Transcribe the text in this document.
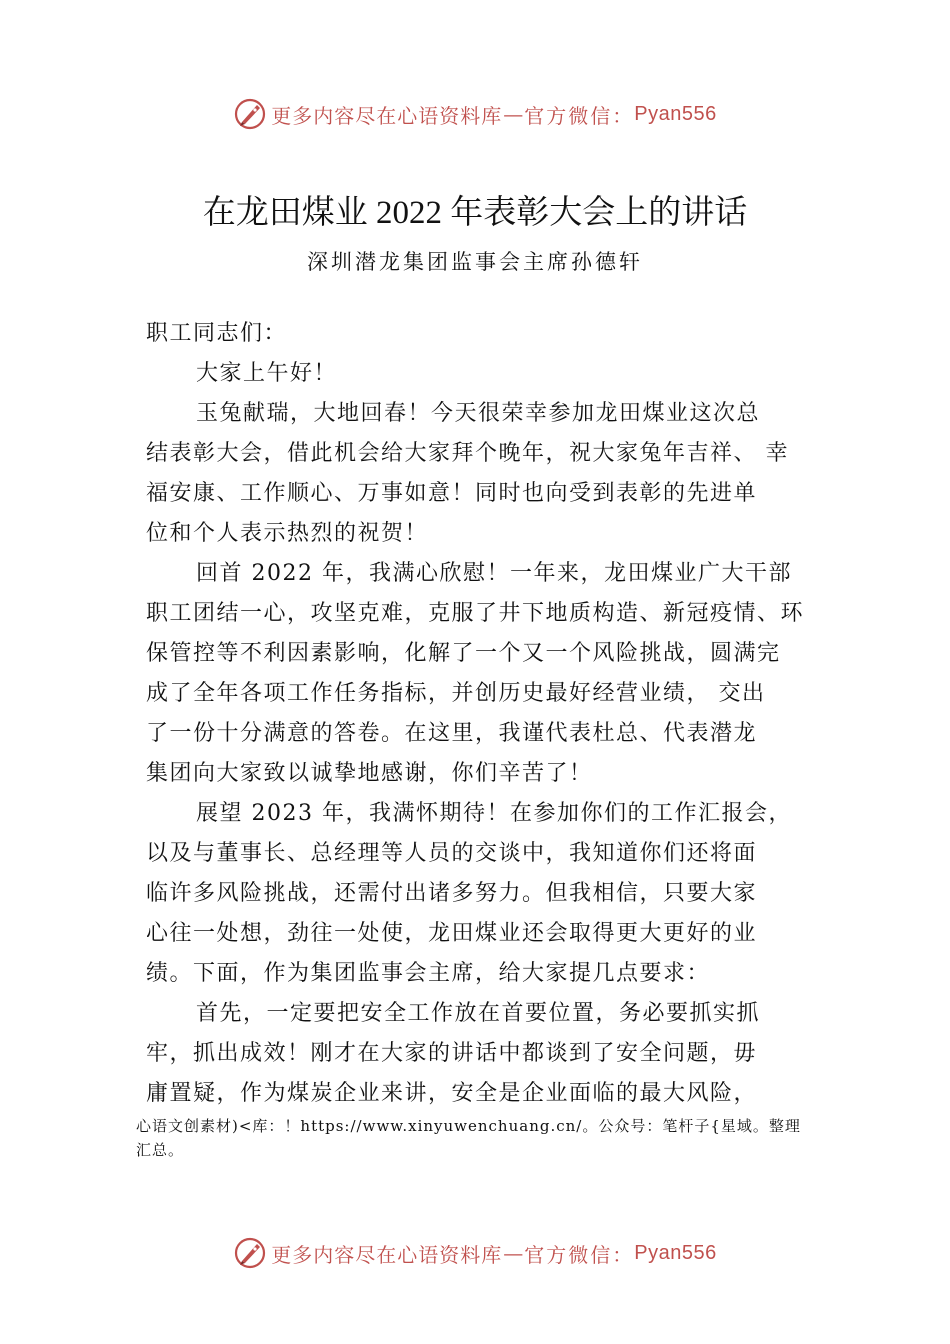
更多内容尽在心语资料库 — 官方微信： Pyan556
在龙田煤业 2022 年表彰大会上的讲话
深圳潜龙集团监事会主席孙德轩
职工同志们：
大家上午好！
玉兔献瑞，大地回春！今天很荣幸参加龙田煤业这次总
结表彰大会，借此机会给大家拜个晚年，祝大家兔年吉祥、 幸
福安康、工作顺心、万事如意！同时也向受到表彰的先进单
位和个人表示热烈的祝贺！
回首 2022 年，我满心欣慰！一年来，龙田煤业广大干部
职工团结一心，攻坚克难，克服了井下地质构造、新冠疫情、环
保管控等不利因素影响，化解了一个又一个风险挑战，圆满完
成了全年各项工作任务指标，并创历史最好经营业绩， 交出
了一份十分满意的答卷。在这里，我谨代表杜总、代表潜龙
集团向大家致以诚挚地感谢，你们辛苦了！
展望 2023 年，我满怀期待！在参加你们的工作汇报会，
以及与董事长、总经理等人员的交谈中，我知道你们还将面
临许多风险挑战，还需付出诸多努力。但我相信，只要大家
心往一处想，劲往一处使，龙田煤业还会取得更大更好的业
绩。下面，作为集团监事会主席，给大家提几点要求：
首先，一定要把安全工作放在首要位置，务必要抓实抓
牢，抓出成效！刚才在大家的讲话中都谈到了安全问题，毋
庸置疑，作为煤炭企业来讲，安全是企业面临的最大风险，
心语文创素材)<库：！https://www.xinyuwenchuang.cn/。公众号：笔杆子{星域。整理
汇总。
更多内容尽在心语资料库 — 官方微信： Pyan556
